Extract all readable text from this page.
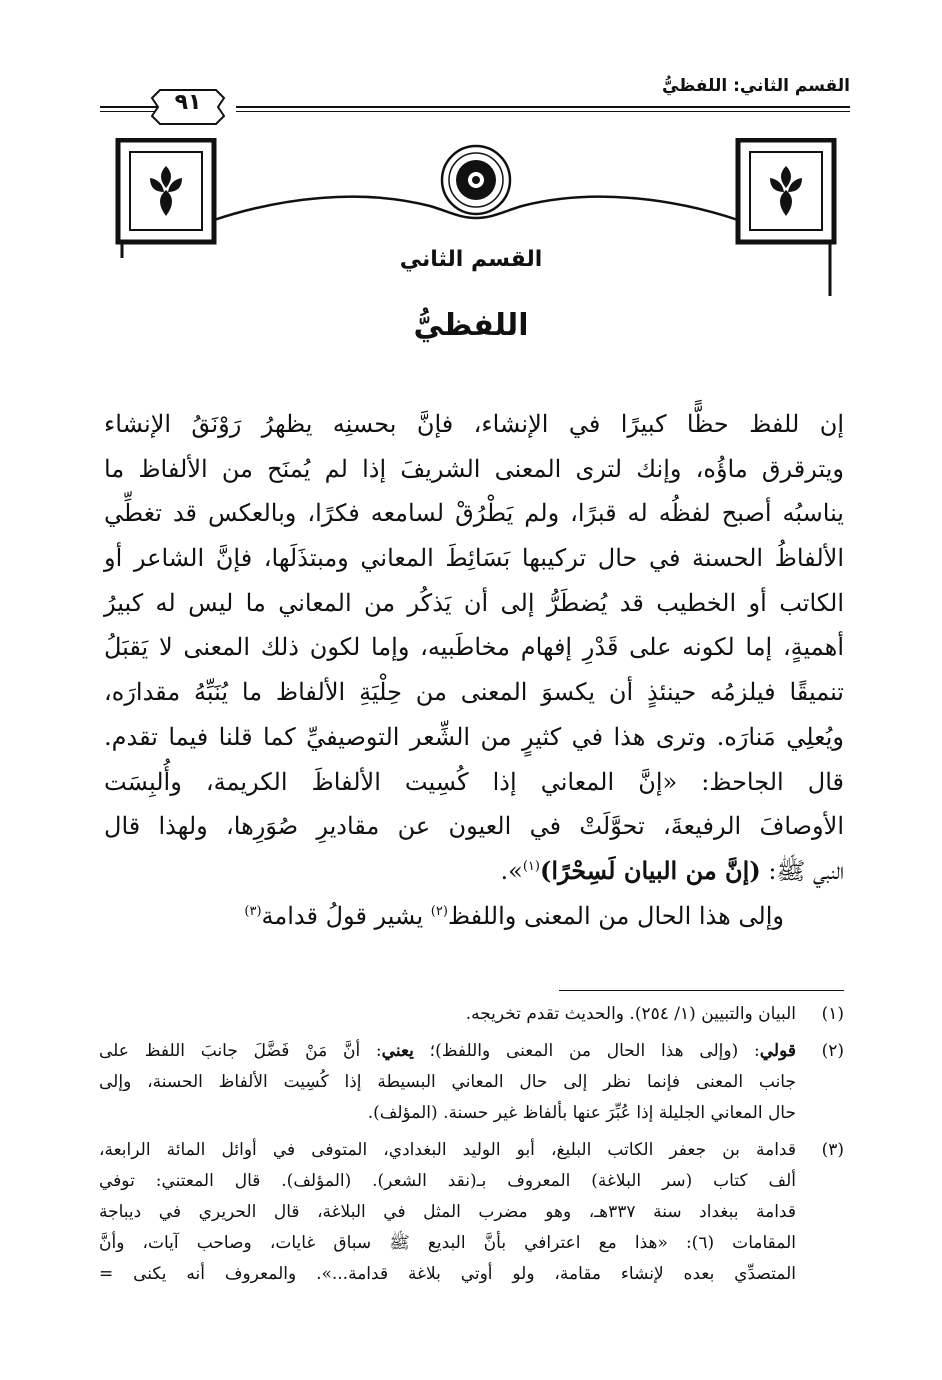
القسم الثاني: اللفظيُّ
٩١
القسم الثاني
اللفظيُّ
إن للفظ حظًّا كبيرًا في الإنشاء، فإنَّ بحسنِه يظهرُ رَوْنَقُ الإنشاء
ويترقرق ماؤُه، وإنك لترى المعنى الشريفَ إذا لم يُمنَح من الألفاظ ما
يناسبُه أصبح لفظُه له قبرًا، ولم يَطْرُقْ لسامعه فكرًا، وبالعكس قد تغطِّي
الألفاظُ الحسنة في حال تركيبها بَسَائِطَ المعاني ومبتذَلَها، فإنَّ الشاعر أو
الكاتب أو الخطيب قد يُضطَرُّ إلى أن يَذكُر من المعاني ما ليس له كبيرُ
أهميةٍ، إما لكونه على قَدْرِ إفهام مخاطَبيه، وإما لكون ذلك المعنى لا يَقبَلُ
تنميقًا فيلزمُه حينئذٍ أن يكسوَ المعنى من حِلْيَةِ الألفاظ ما يُنَبِّهُ مقدارَه،
ويُعلِي مَنارَه. وترى هذا في كثيرٍ من الشِّعر التوصيفيِّ كما قلنا فيما تقدم.
قال الجاحظ: «إنَّ المعاني إذا كُسِيت الألفاظَ الكريمة، وأُلبِسَت
الأوصافَ الرفيعةَ، تحوَّلَتْ في العيون عن مقاديرِ صُوَرِها، ولهذا قال
النبي ﷺ: (إنَّ من البيان لَسِحْرًا)$^{(١)}$».
وإلى هذا الحال من المعنى واللفظ$^{(٢)}$ يشير قولُ قدامة$^{(٣)}$
(١)
البيان والتبيين (١/ ٢٥٤). والحديث تقدم تخريجه.
(٢)
قولي: (وإلى هذا الحال من المعنى واللفظ)؛ يعني: أنَّ مَنْ فَضَّلَ جانبَ اللفظ على
جانب المعنى فإنما نظر إلى حال المعاني البسيطة إذا كُسِيت الألفاظ الحسنة، وإلى
حال المعاني الجليلة إذا عُبِّرَ عنها بألفاظ غير حسنة. (المؤلف).
(٣)
قدامة بن جعفر الكاتب البليغ، أبو الوليد البغدادي، المتوفى في أوائل المائة الرابعة،
ألف كتاب (سر البلاغة) المعروف بـ(نقد الشعر). (المؤلف). قال المعتني: توفي
قدامة ببغداد سنة ٣٣٧هـ، وهو مضرب المثل في البلاغة، قال الحريري في ديباجة
المقامات (٦): «هذا مع اعترافي بأنَّ البديع ﷺ سباق غايات، وصاحب آيات، وأنَّ
المتصدِّي بعده لإنشاء مقامة، ولو أوتي بلاغة قدامة...». والمعروف أنه يكنى =
